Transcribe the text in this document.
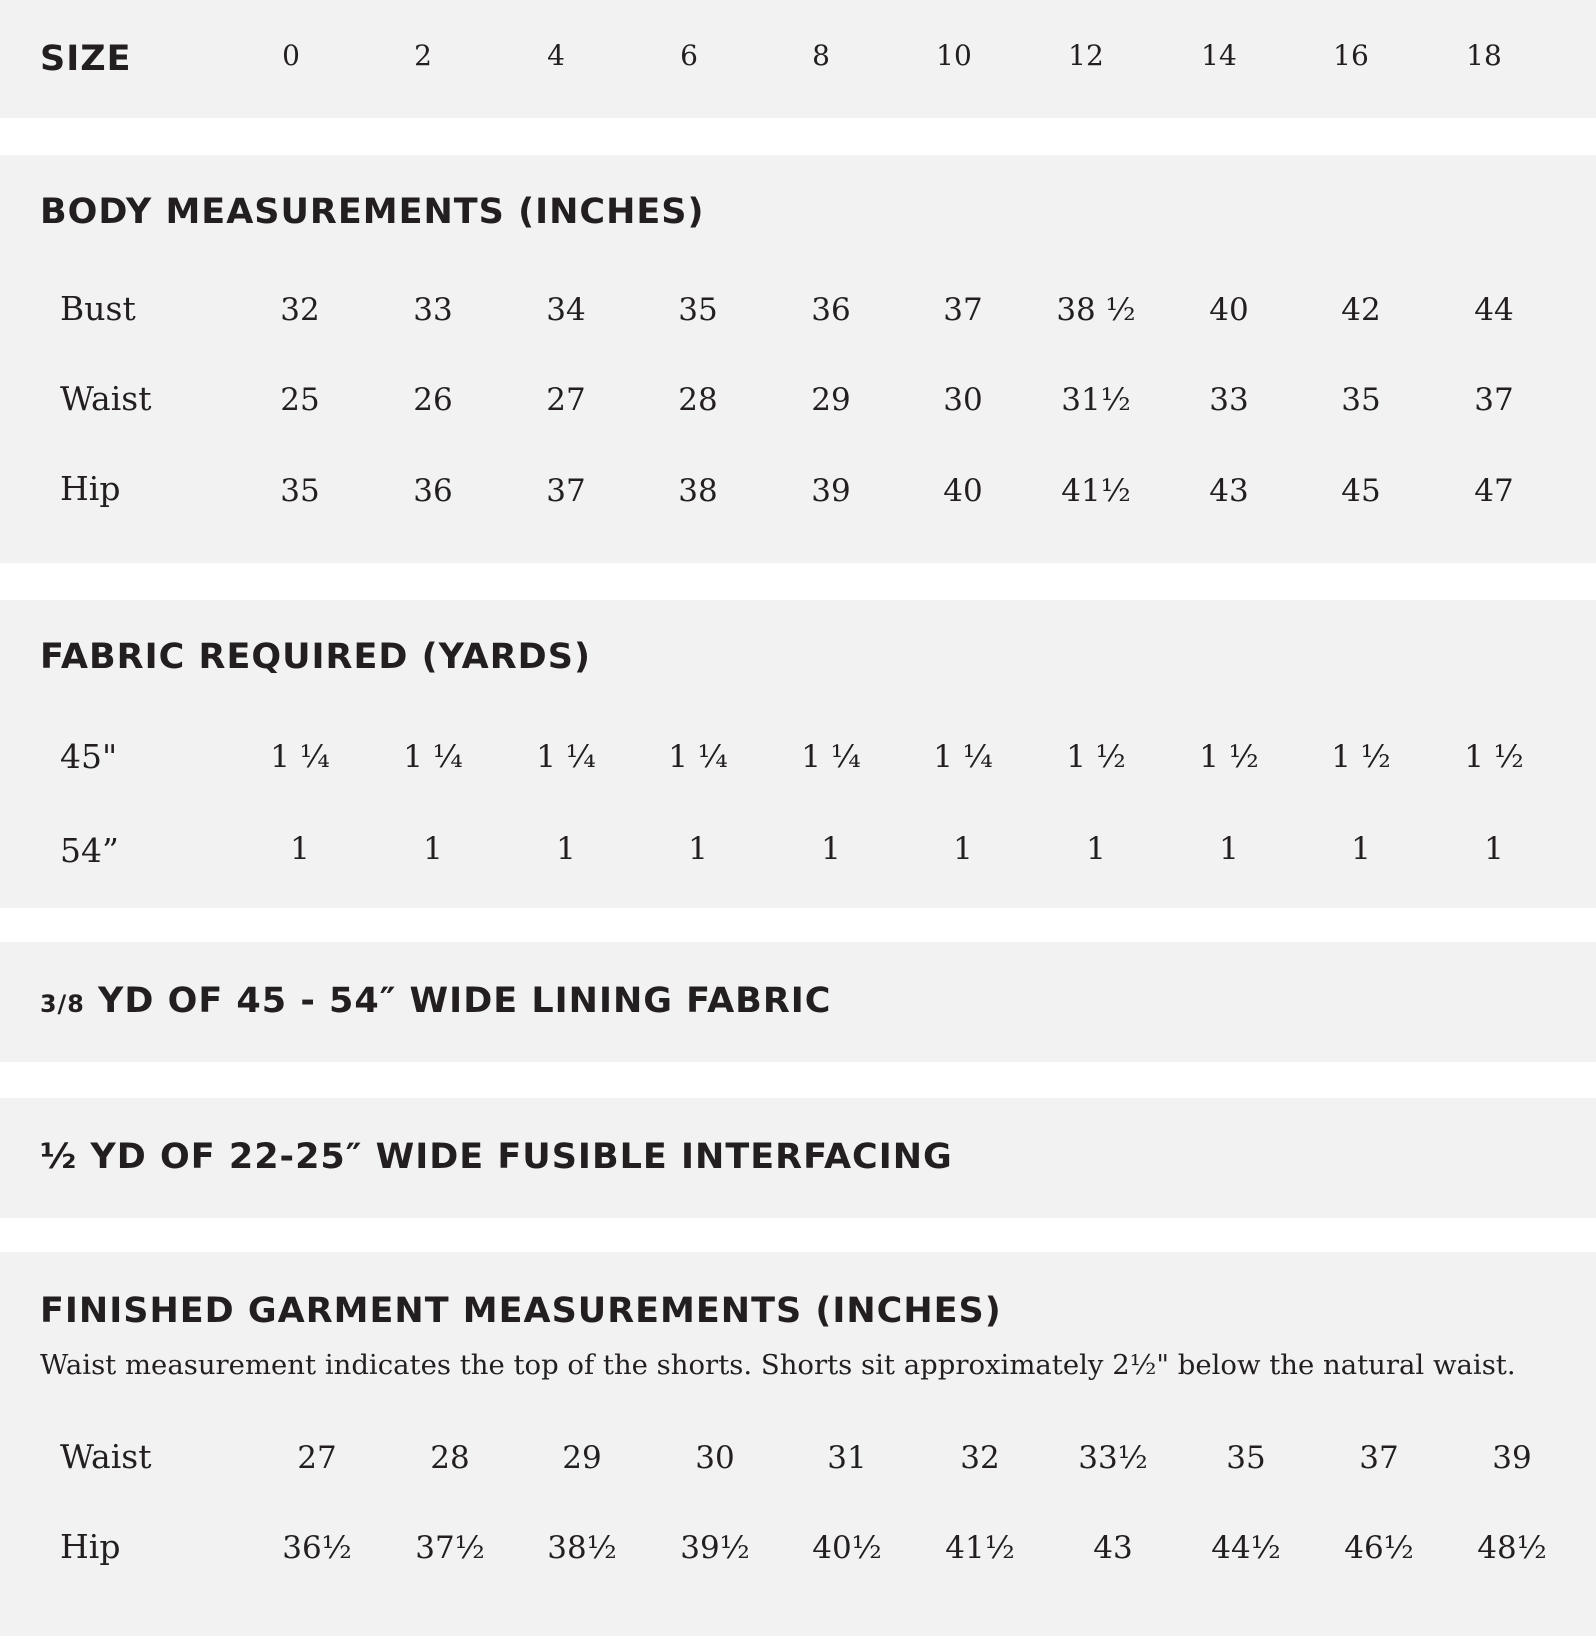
SIZE	0	2	4	6	8	10	12	14	16	18
BODY MEASUREMENTS (INCHES)
Bust	32	33	34	35	36	37	38 ½	40	42	44
Waist	25	26	27	28	29	30	31½	33	35	37
Hip	35	36	37	38	39	40	41½	43	45	47
FABRIC REQUIRED (YARDS)
45"	1 ¼	1 ¼	1 ¼	1 ¼	1 ¼	1 ¼	1 ½	1 ½	1 ½	1 ½
54”	1	1	1	1	1	1	1	1	1	1
3/8 YD OF 45 - 54″ WIDE LINING FABRIC
½ YD OF 22-25″ WIDE FUSIBLE INTERFACING
FINISHED GARMENT MEASUREMENTS (INCHES)
Waist measurement indicates the top of the shorts. Shorts sit approximately 2½" below the natural waist.
Waist	27	28	29	30	31	32	33½	35	37	39
Hip	36½	37½	38½	39½	40½	41½	43	44½	46½	48½
